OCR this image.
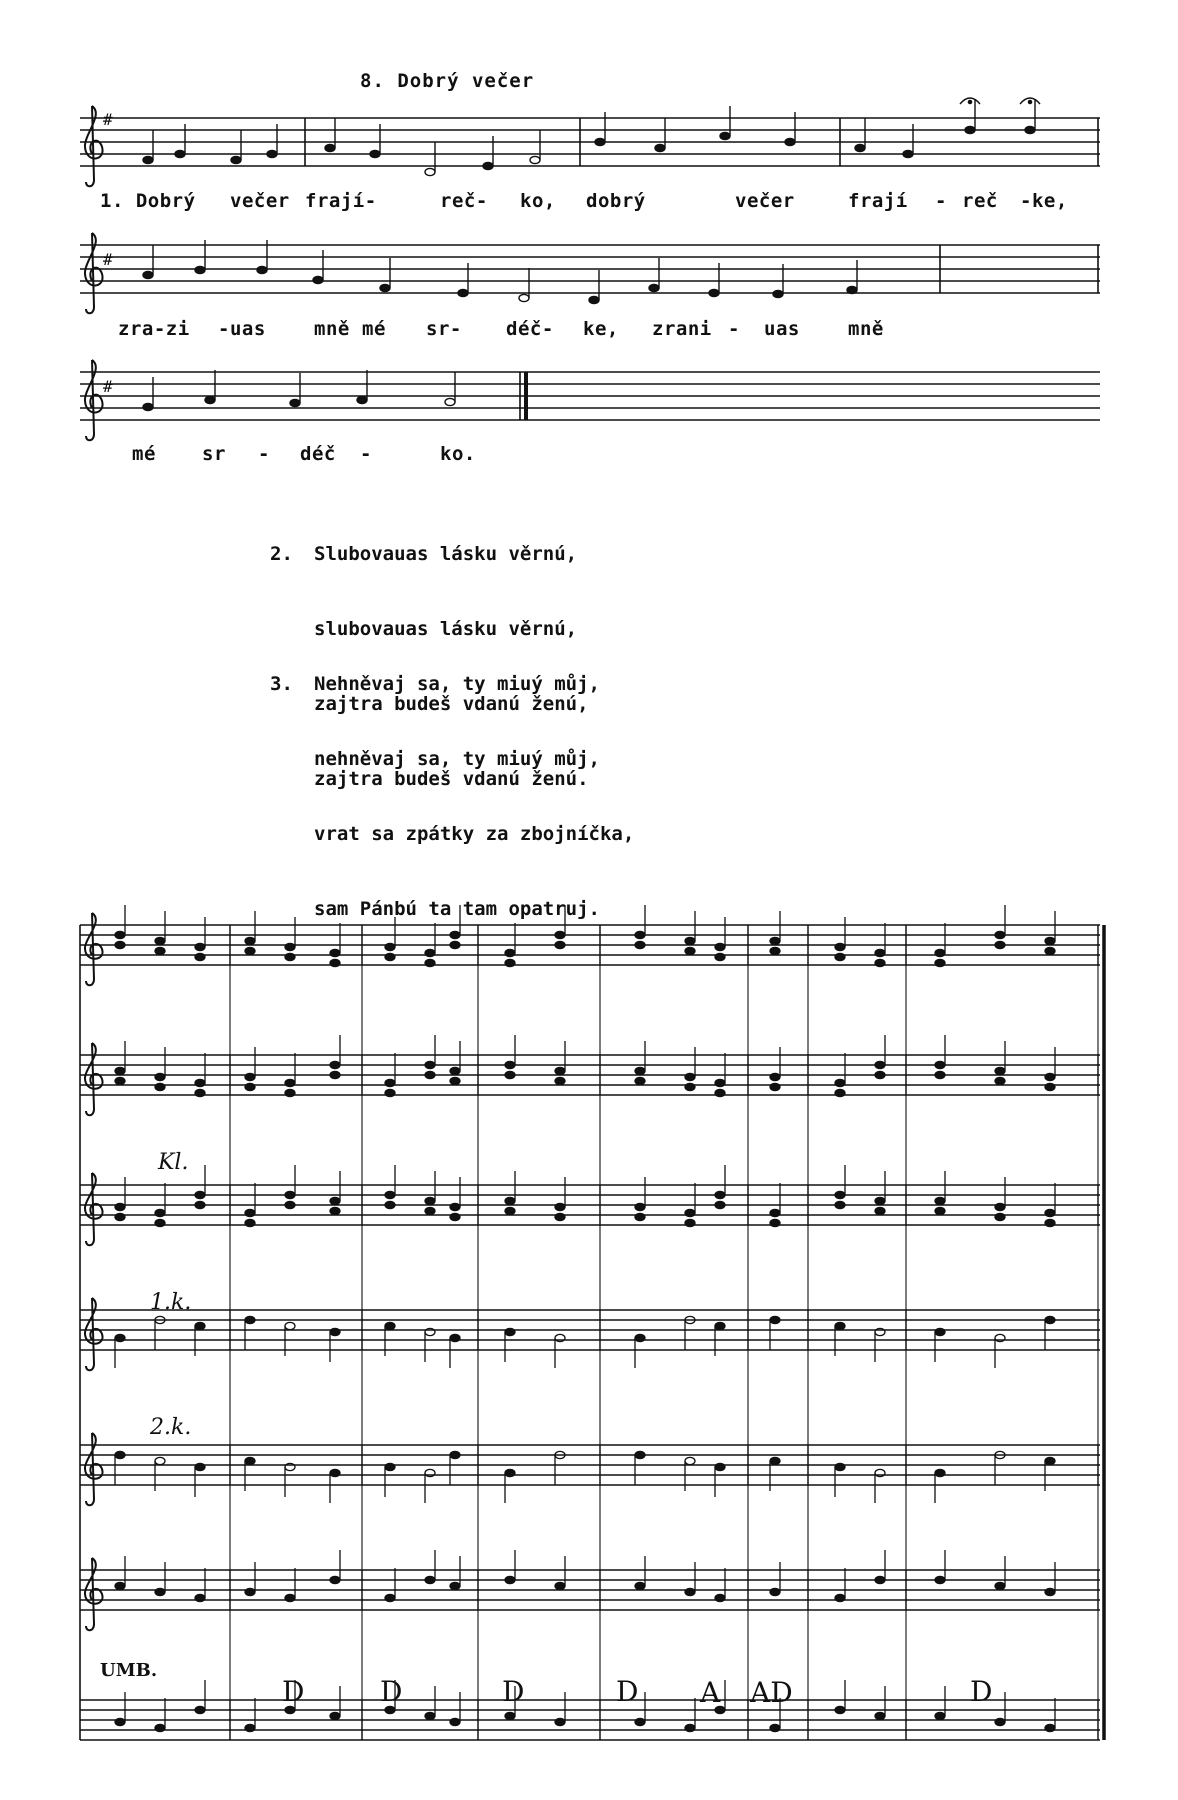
8. Dobrý večer
#
#
#
1. Dobrý večer frají-	reč- ko, dobrý	večer	frají - reč -ke,
zra-zi -uas	mně mé sr- déč- ke, zrani - uas	mně
mé sr - déč -	ko.

2. Slubovauas lásku věrnú,

slubovauas lásku věrnú,

zajtra budeš vdanú ženú,

zajtra budeš vdanú ženú.

3. Nehněvaj sa, ty miuý můj,

nehněvaj sa, ty miuý můj,

vrat sa zpátky za zbojníčka,

sam Pánbú ta tam opatruj.

Kl.
1.k.
2.k.
UMB.
D	D	D	D A AD	D
